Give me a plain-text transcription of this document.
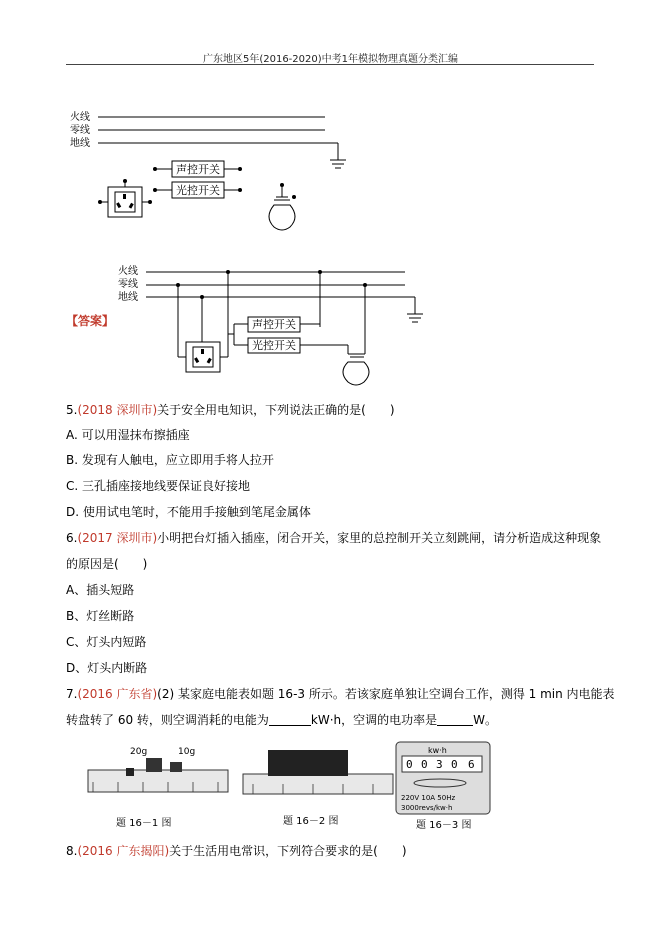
广东地区5年(2016-2020)中考1年模拟物理真题分类汇编
火线
零线
地线
声控开关
光控开关
【答案】
火线
零线
地线
声控开关
光控开关
5.(2018 深圳市)关于安全用电知识，下列说法正确的是(　　)
A. 可以用湿抹布擦插座
B. 发现有人触电，应立即用手将人拉开
C. 三孔插座接地线要保证良好接地
D. 使用试电笔时，不能用手接触到笔尾金属体
6.(2017 深圳市)小明把台灯插入插座，闭合开关，家里的总控制开关立刻跳闸，请分析造成这种现象
的原因是(　　)
A、插头短路
B、灯丝断路
C、灯头内短路
D、灯头内断路
7.(2016 广东省)(2) 某家庭电能表如题 16-3 所示。若该家庭单独让空调台工作，测得 1 min 内电能表
转盘转了 60 转，则空调消耗的电能为	kW·h，空调的电功率是	W。
20g	10g
题 16－1 图	题 16－2 图
kw·h
0 0 3 0 6
220V 10A 50Hz
3000revs/kw·h
题 16－3 图
8.(2016 广东揭阳)关于生活用电常识，下列符合要求的是(　　)
